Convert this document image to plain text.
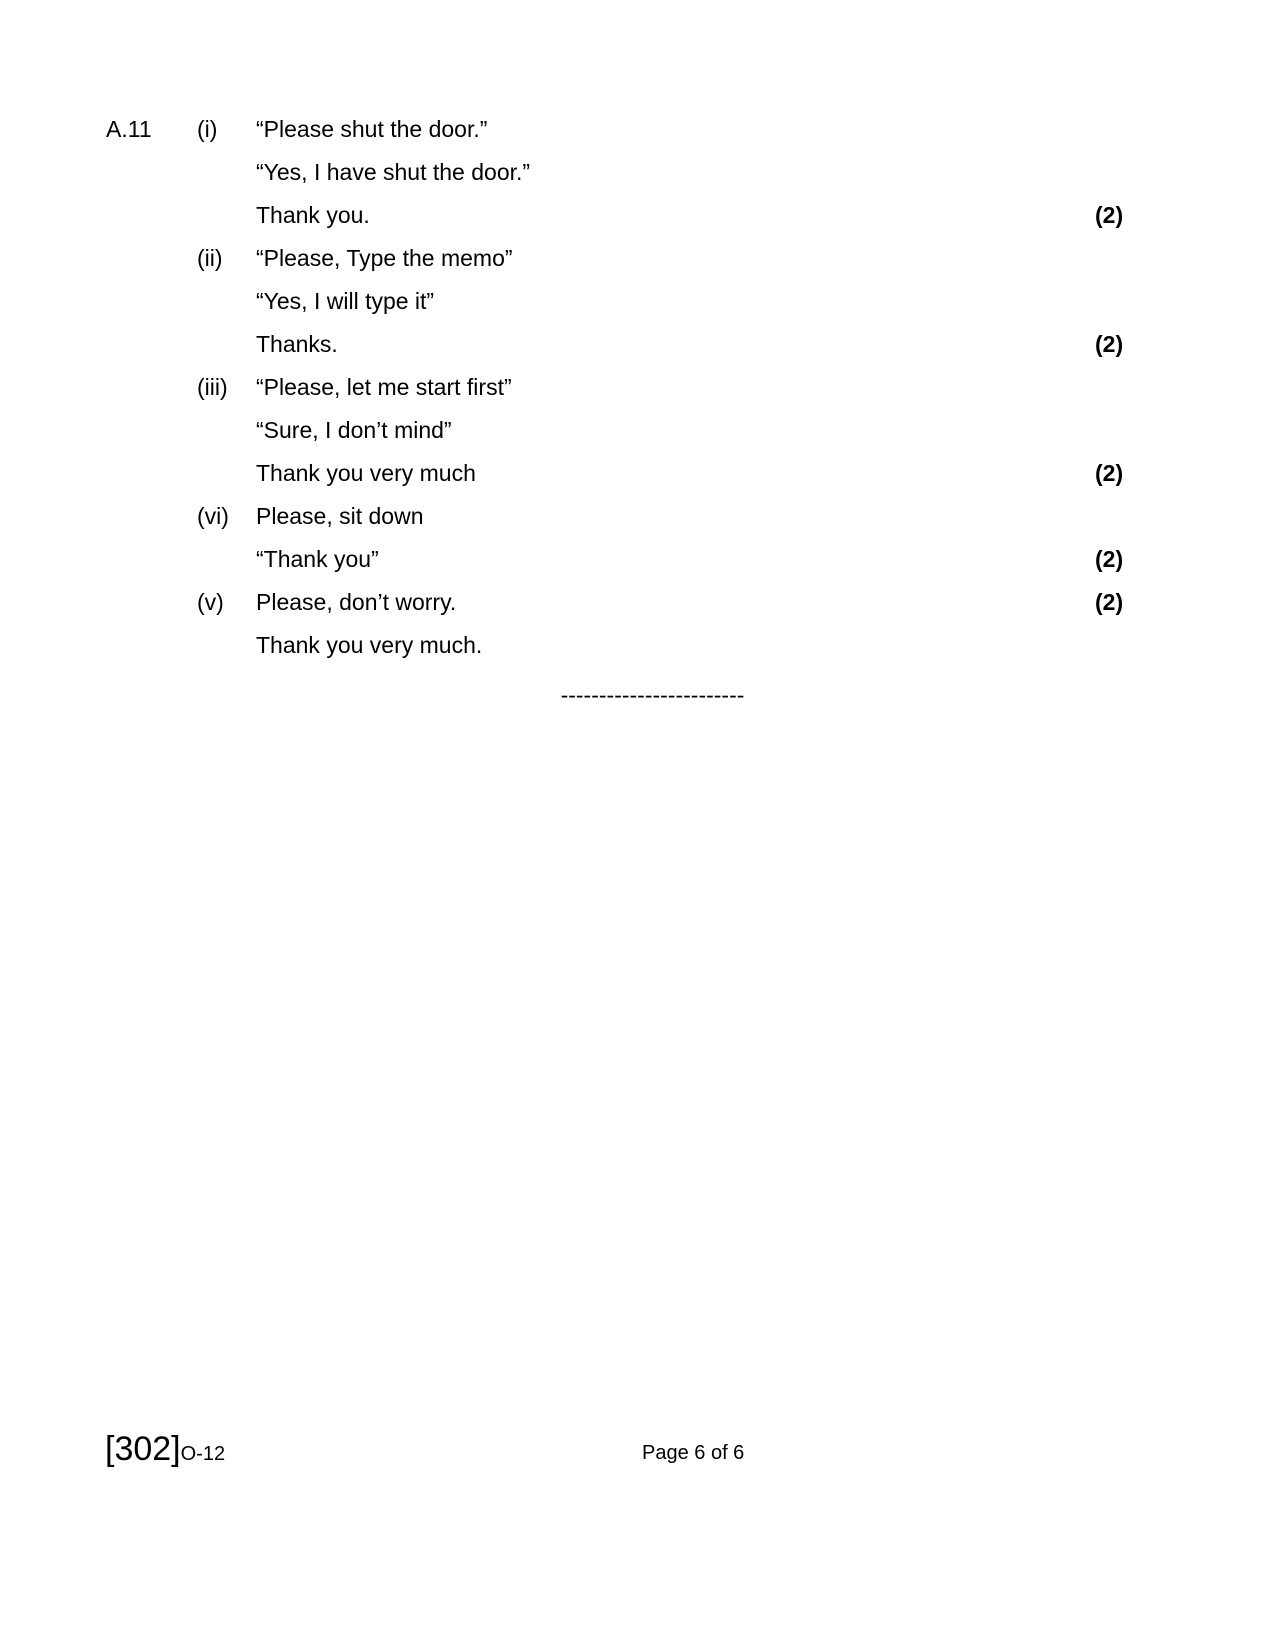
A.11 (i) “Please shut the door.”
“Yes, I have shut the door.”
Thank you.	(2)
(ii) “Please, Type the memo”
“Yes, I will type it”
Thanks.	(2)
(iii) “Please, let me start first”
“Sure, I don’t mind”
Thank you very much	(2)
(vi) Please, sit down
“Thank you”	(2)
(v) Please, don’t worry.	(2)
Thank you very much.
------------------------
[302]O-12	Page 6 of 6
